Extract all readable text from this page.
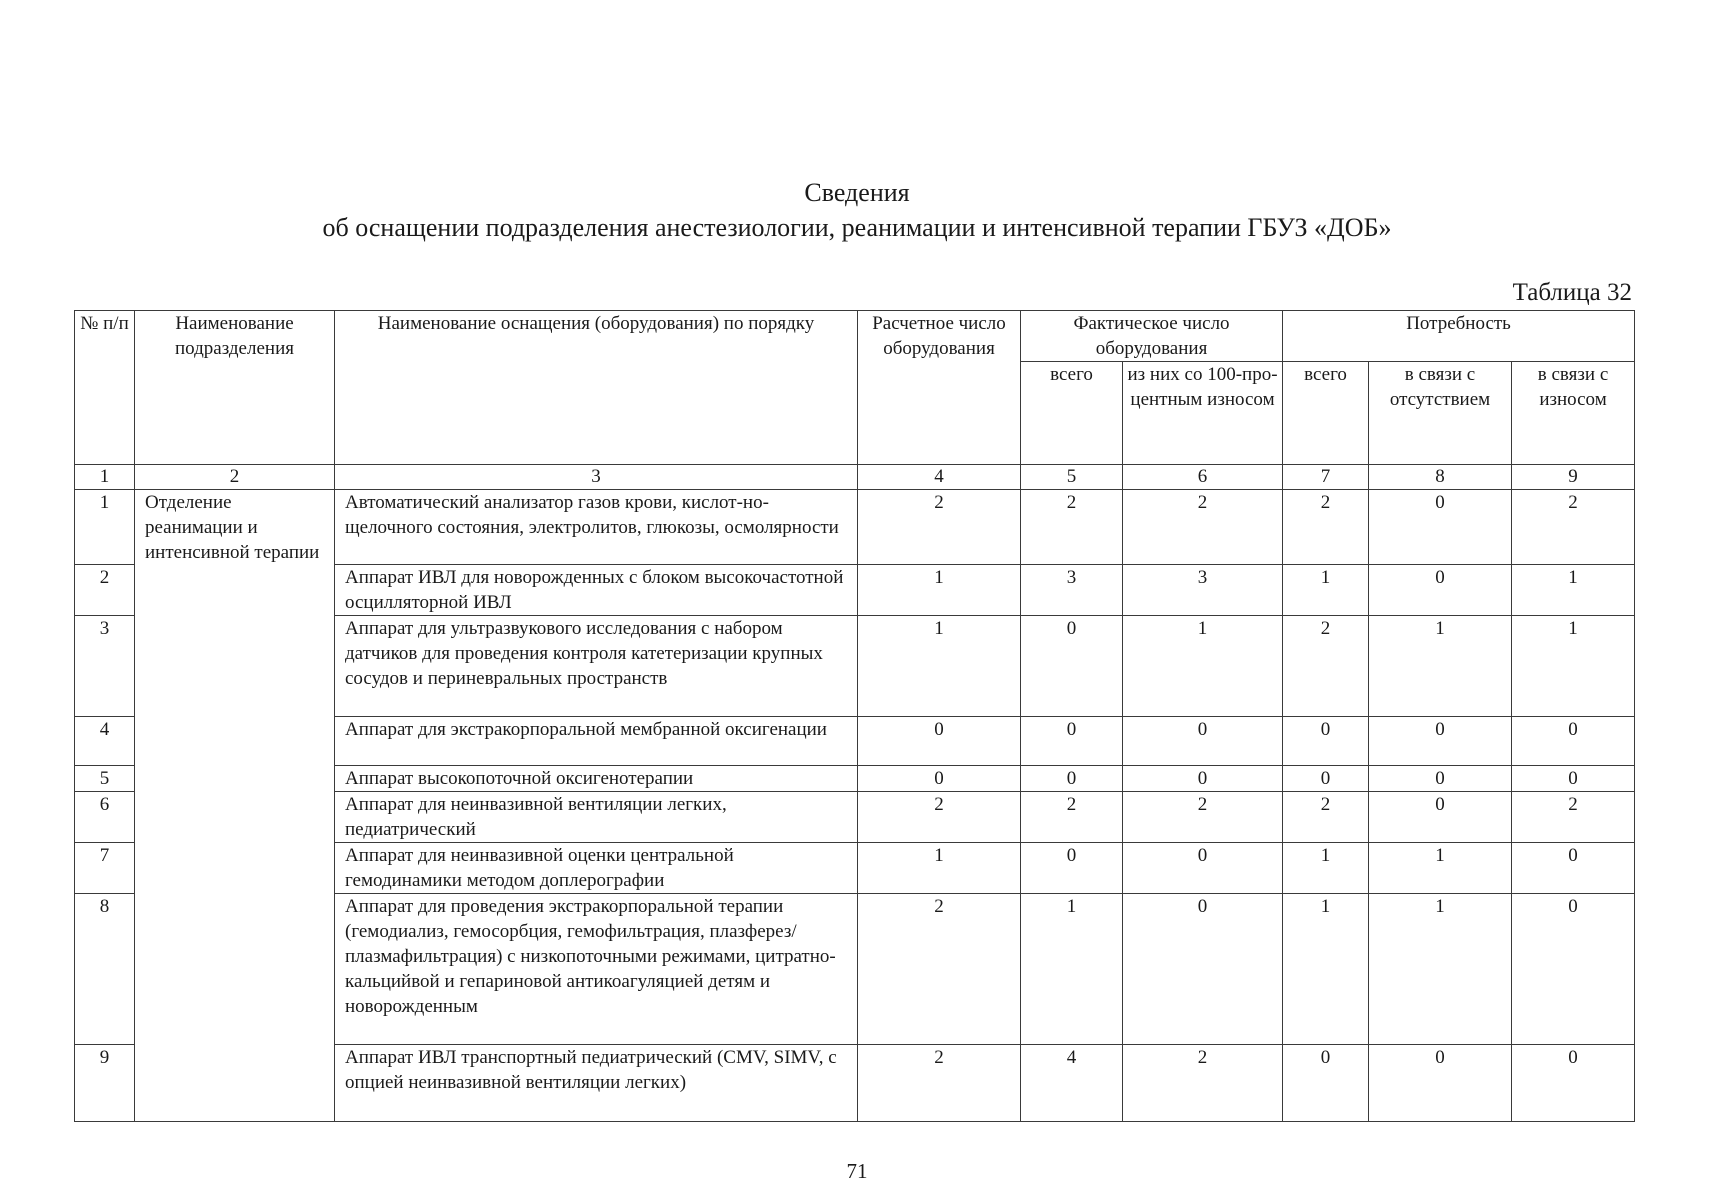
Сведения
об оснащении подразделения анестезиологии, реанимации и интенсивной терапии ГБУЗ «ДОБ»
Таблица 32
№ п/п	Наименование подразделения	Наименование оснащения (оборудования) по порядку	Расчетное число оборудования	Фактическое число оборудования		Потребность		
				всего	из них со 100-про-центным износом	всего	в связи с отсутствием	в связи с износом
1	2	3	4	5	6	7	8	9
1	Отделение реанимации и интенсивной терапии	Автоматический анализатор газов крови, кислот-но-щелочного состояния, электролитов, глюкозы, осмолярности	2	2	2	2	0	2
2		Аппарат ИВЛ для новорожденных с блоком высокочастотной осцилляторной ИВЛ	1	3	3	1	0	1
3		Аппарат для ультразвукового исследования с набором датчиков для проведения контроля катетеризации крупных сосудов и периневральных пространств	1	0	1	2	1	1
4		Аппарат для экстракорпоральной мембранной оксигенации	0	0	0	0	0	0
5		Аппарат высокопоточной оксигенотерапии	0	0	0	0	0	0
6		Аппарат для неинвазивной вентиляции легких, педиатрический	2	2	2	2	0	2
7		Аппарат для неинвазивной оценки центральной гемодинамики методом доплерографии	1	0	0	1	1	0
8		Аппарат для проведения экстракорпоральной терапии (гемодиализ, гемосорбция, гемофильтрация, плазферез/ плазмафильтрация) с низкопоточными режимами, цитратно-кальцийвой и гепариновой антикоагуляцией детям и новорожденным	2	1	0	1	1	0
9		Аппарат ИВЛ транспортный педиатрический (CMV, SIMV, с опцией неинвазивной вентиляции легких)	2	4	2	0	0	0
71
